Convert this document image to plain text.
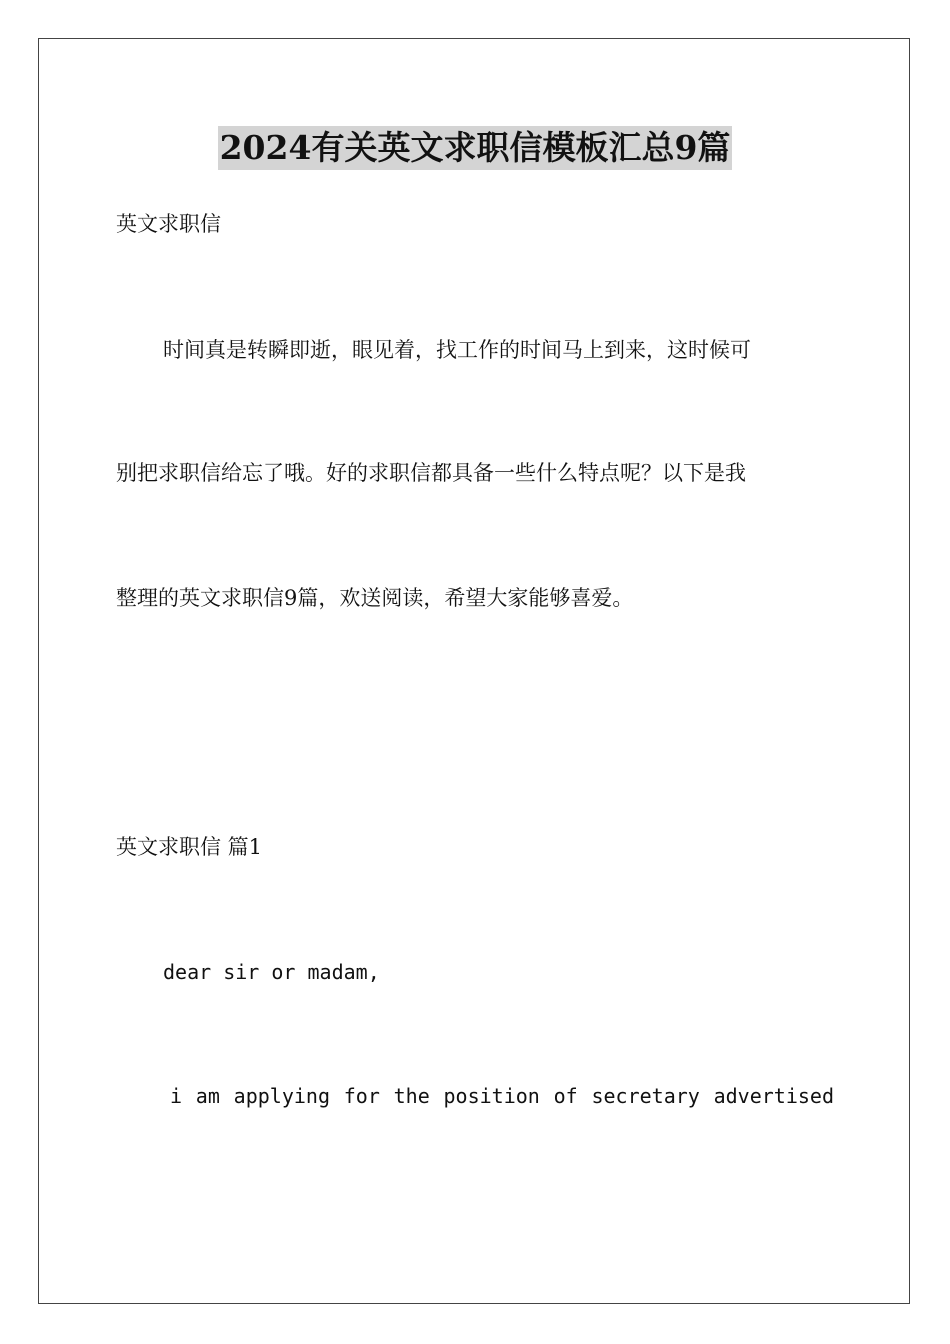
2024有关英文求职信模板汇总9篇
英文求职信
时间真是转瞬即逝，眼见着，找工作的时间马上到来，这时候可
别把求职信给忘了哦。好的求职信都具备一些什么特点呢？以下是我
整理的英文求职信9篇，欢送阅读，希望大家能够喜爱。
英文求职信 篇1
dear sir or madam,
i am applying for the position of secretary advertised
